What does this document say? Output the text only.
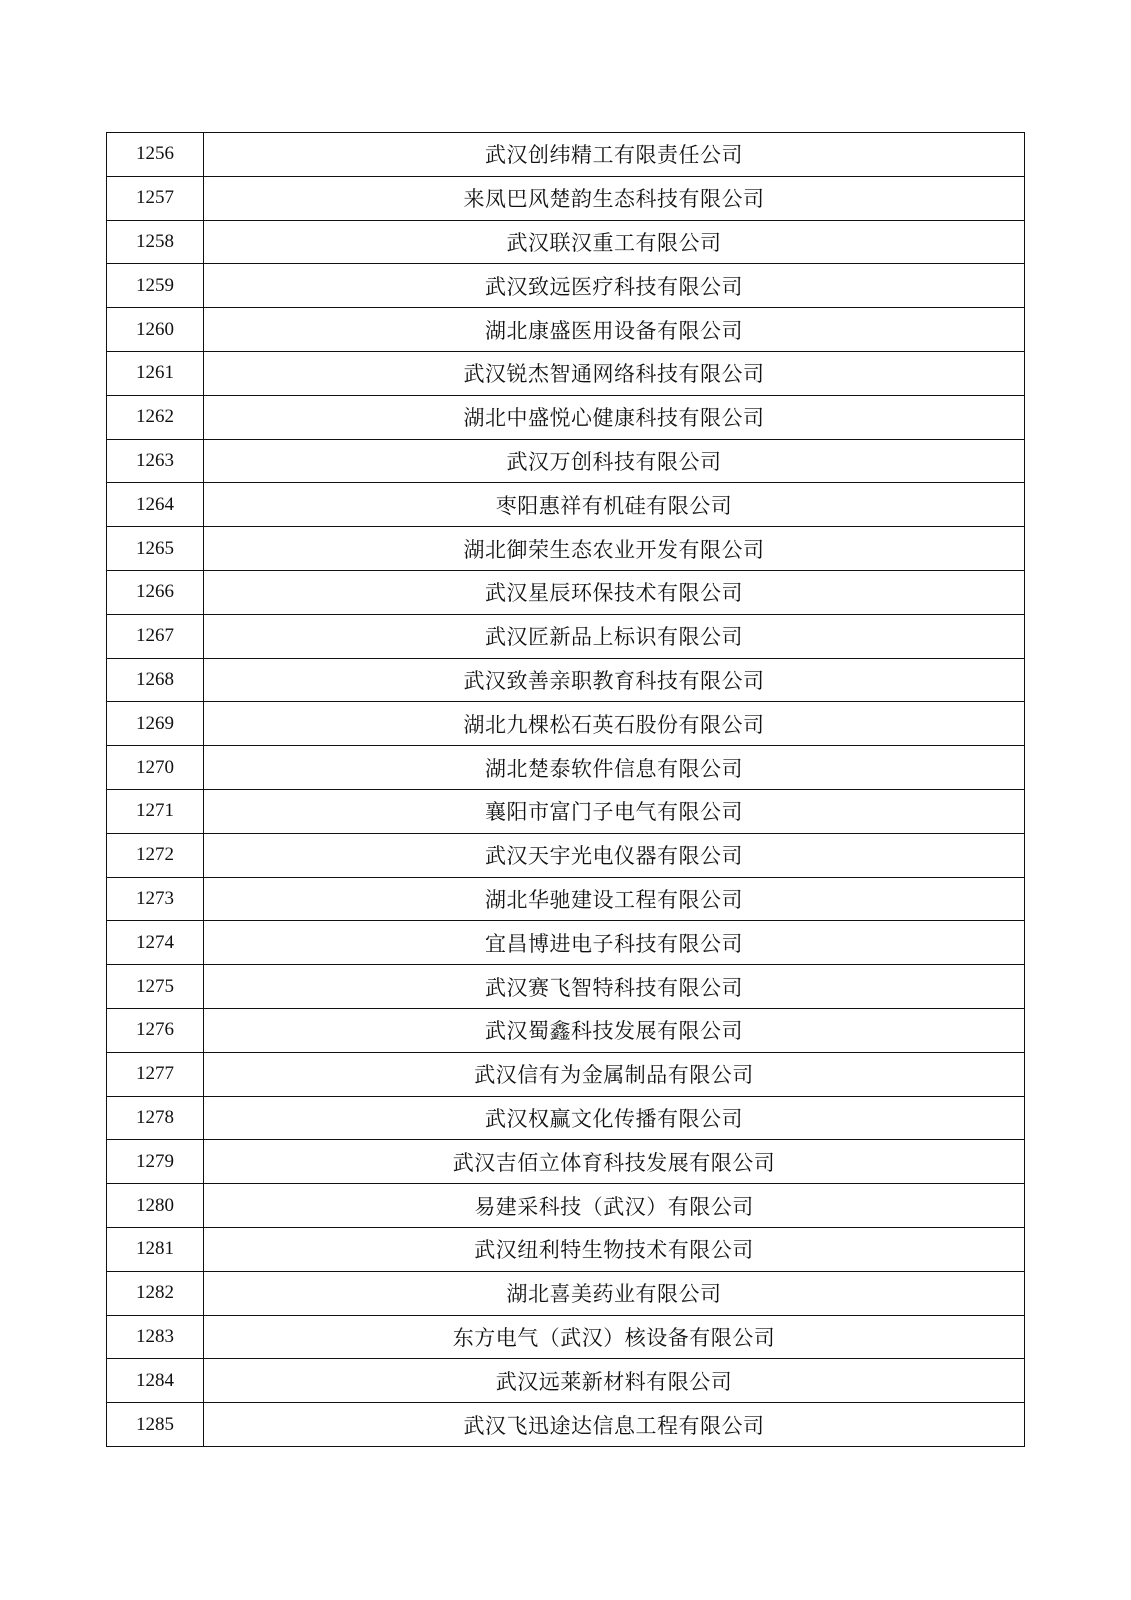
1256	武汉创纬精工有限责任公司
1257	来凤巴风楚韵生态科技有限公司
1258	武汉联汉重工有限公司
1259	武汉致远医疗科技有限公司
1260	湖北康盛医用设备有限公司
1261	武汉锐杰智通网络科技有限公司
1262	湖北中盛悦心健康科技有限公司
1263	武汉万创科技有限公司
1264	枣阳惠祥有机硅有限公司
1265	湖北御荣生态农业开发有限公司
1266	武汉星辰环保技术有限公司
1267	武汉匠新品上标识有限公司
1268	武汉致善亲职教育科技有限公司
1269	湖北九棵松石英石股份有限公司
1270	湖北楚泰软件信息有限公司
1271	襄阳市富门子电气有限公司
1272	武汉天宇光电仪器有限公司
1273	湖北华驰建设工程有限公司
1274	宜昌博进电子科技有限公司
1275	武汉赛飞智特科技有限公司
1276	武汉蜀鑫科技发展有限公司
1277	武汉信有为金属制品有限公司
1278	武汉权赢文化传播有限公司
1279	武汉吉佰立体育科技发展有限公司
1280	易建采科技（武汉）有限公司
1281	武汉纽利特生物技术有限公司
1282	湖北喜美药业有限公司
1283	东方电气（武汉）核设备有限公司
1284	武汉远莱新材料有限公司
1285	武汉飞迅途达信息工程有限公司
